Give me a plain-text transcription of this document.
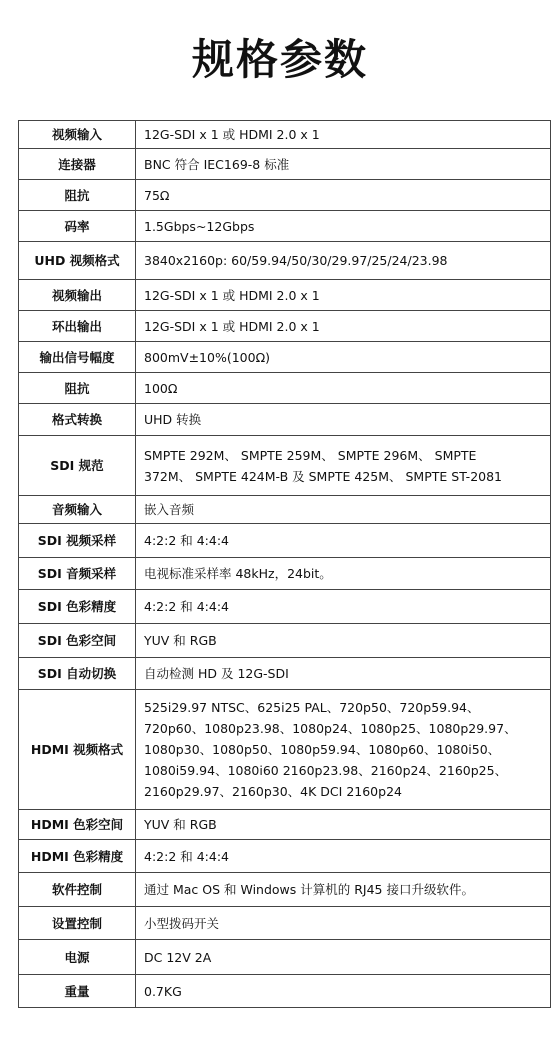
规格参数
视频输入	12G-SDI x 1 或 HDMI 2.0 x 1
连接器	BNC 符合 IEC169-8 标准
阻抗	75Ω
码率	1.5Gbps~12Gbps
UHD 视频格式	3840x2160p: 60/59.94/50/30/29.97/25/24/23.98
视频输出	12G-SDI x 1 或 HDMI 2.0 x 1
环出输出	12G-SDI x 1 或 HDMI 2.0 x 1
输出信号幅度	800mV±10%(100Ω)
阻抗	100Ω
格式转换	UHD 转换
SDI 规范	SMPTE 292M、 SMPTE 259M、 SMPTE 296M、 SMPTE
372M、 SMPTE 424M-B 及 SMPTE 425M、 SMPTE ST-2081
音频输入	嵌入音频
SDI 视频采样	4:2:2 和 4:4:4
SDI 音频采样	电视标准采样率 48kHz，24bit。
SDI 色彩精度	4:2:2 和 4:4:4
SDI 色彩空间	YUV 和 RGB
SDI 自动切换	自动检测 HD 及 12G-SDI
HDMI 视频格式	525i29.97 NTSC、625i25 PAL、720p50、720p59.94、
720p60、1080p23.98、1080p24、1080p25、1080p29.97、
1080p30、1080p50、1080p59.94、1080p60、1080i50、
1080i59.94、1080i60 2160p23.98、2160p24、2160p25、
2160p29.97、2160p30、4K DCI 2160p24
HDMI 色彩空间	YUV 和 RGB
HDMI 色彩精度	4:2:2 和 4:4:4
软件控制	通过 Mac OS 和 Windows 计算机的 RJ45 接口升级软件。
设置控制	小型拨码开关
电源	DC 12V 2A
重量	0.7KG
